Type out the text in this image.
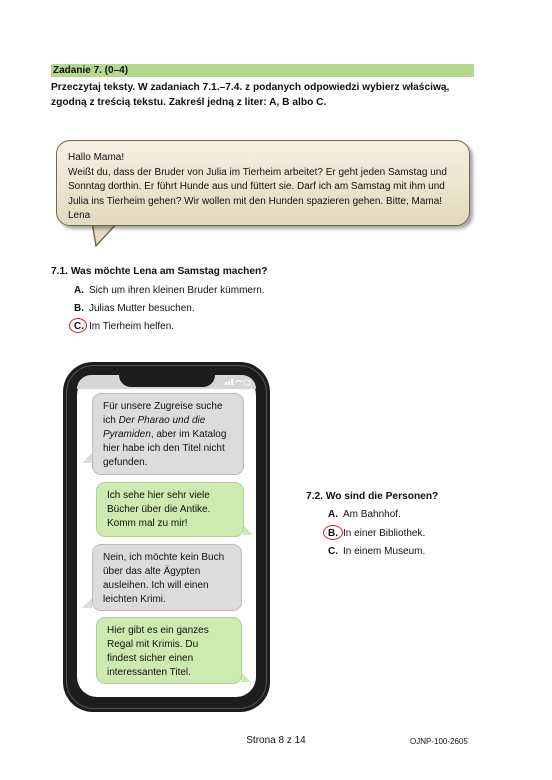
Zadanie 7. (0–4)
Przeczytaj teksty. W zadaniach 7.1.–7.4. z podanych odpowiedzi wybierz właściwą,
zgodną z treścią tekstu. Zakreśl jedną z liter: A, B albo C.
Hallo Mama!
Weißt du, dass der Bruder von Julia im Tierheim arbeitet? Er geht jeden Samstag und
Sonntag dorthin. Er führt Hunde aus und füttert sie. Darf ich am Samstag mit ihm und
Julia ins Tierheim gehen? Wir wollen mit den Hunden spazieren gehen. Bitte, Mama!
Lena
7.1. Was möchte Lena am Samstag machen?
A. Sich um ihren kleinen Bruder kümmern.
B. Julias Mutter besuchen.
C. Im Tierheim helfen.
Für unsere Zugreise suche
ich Der Pharao und die
Pyramiden, aber im Katalog
hier habe ich den Titel nicht
gefunden.
Ich sehe hier sehr viele
Bücher über die Antike.
Komm mal zu mir!
Nein, ich möchte kein Buch
über das alte Ägypten
ausleihen. Ich will einen
leichten Krimi.
Hier gibt es ein ganzes
Regal mit Krimis. Du
findest sicher einen
interessanten Titel.
7.2. Wo sind die Personen?
A. Am Bahnhof.
B. In einer Bibliothek.
C. In einem Museum.
Strona 8 z 14	OJNP-100-2605
